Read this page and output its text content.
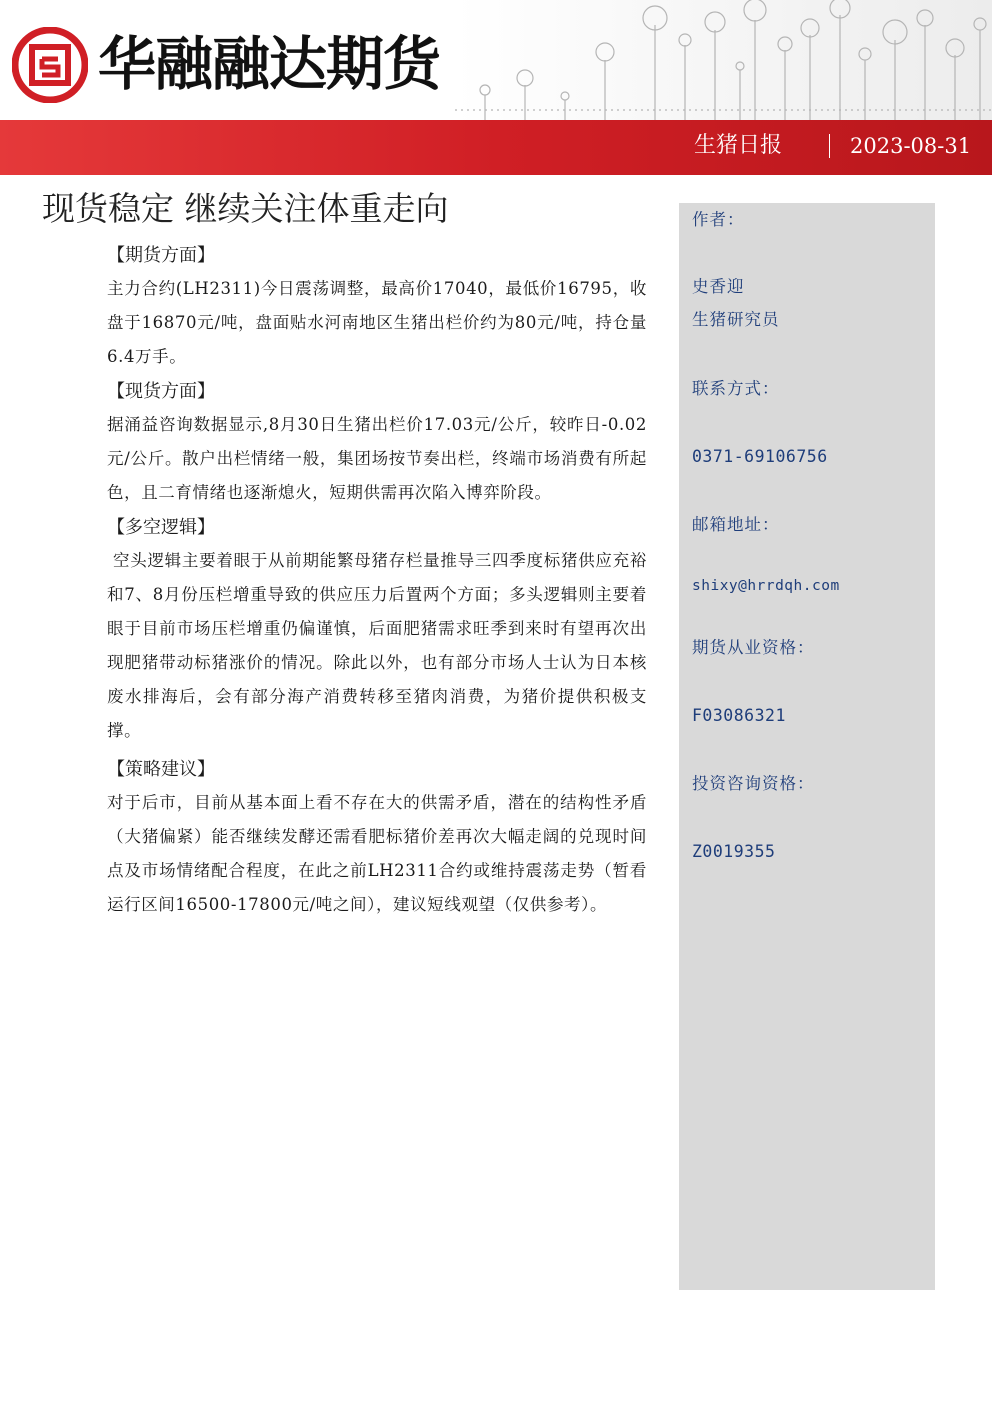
华融融达期货
生猪日报	2023-08-31
现货稳定 继续关注体重走向
【期货方面】

主力合约(LH2311)今日震荡调整，最高价17040，最低价16795，收盘于16870元/吨，盘面贴水河南地区生猪出栏价约为80元/吨，持仓量6.4万手。

【现货方面】

据涌益咨询数据显示,8月30日生猪出栏价17.03元/公斤，较昨日-0.02元/公斤。散户出栏情绪一般，集团场按节奏出栏，终端市场消费有所起色，且二育情绪也逐渐熄火，短期供需再次陷入博弈阶段。

【多空逻辑】

空头逻辑主要着眼于从前期能繁母猪存栏量推导三四季度标猪供应充裕和7、8月份压栏增重导致的供应压力后置两个方面；多头逻辑则主要着眼于目前市场压栏增重仍偏谨慎，后面肥猪需求旺季到来时有望再次出现肥猪带动标猪涨价的情况。除此以外，也有部分市场人士认为日本核废水排海后，会有部分海产消费转移至猪肉消费，为猪价提供积极支撑。

【策略建议】

对于后市，目前从基本面上看不存在大的供需矛盾，潜在的结构性矛盾（大猪偏紧）能否继续发酵还需看肥标猪价差再次大幅走阔的兑现时间点及市场情绪配合程度，在此之前LH2311合约或维持震荡走势（暂看运行区间16500-17800元/吨之间），建议短线观望（仅供参考）。

作者：
史香迎
生猪研究员
联系方式：
0371-69106756
邮箱地址：
shixy@hrrdqh.com
期货从业资格：
F03086321
投资咨询资格：
Z0019355
